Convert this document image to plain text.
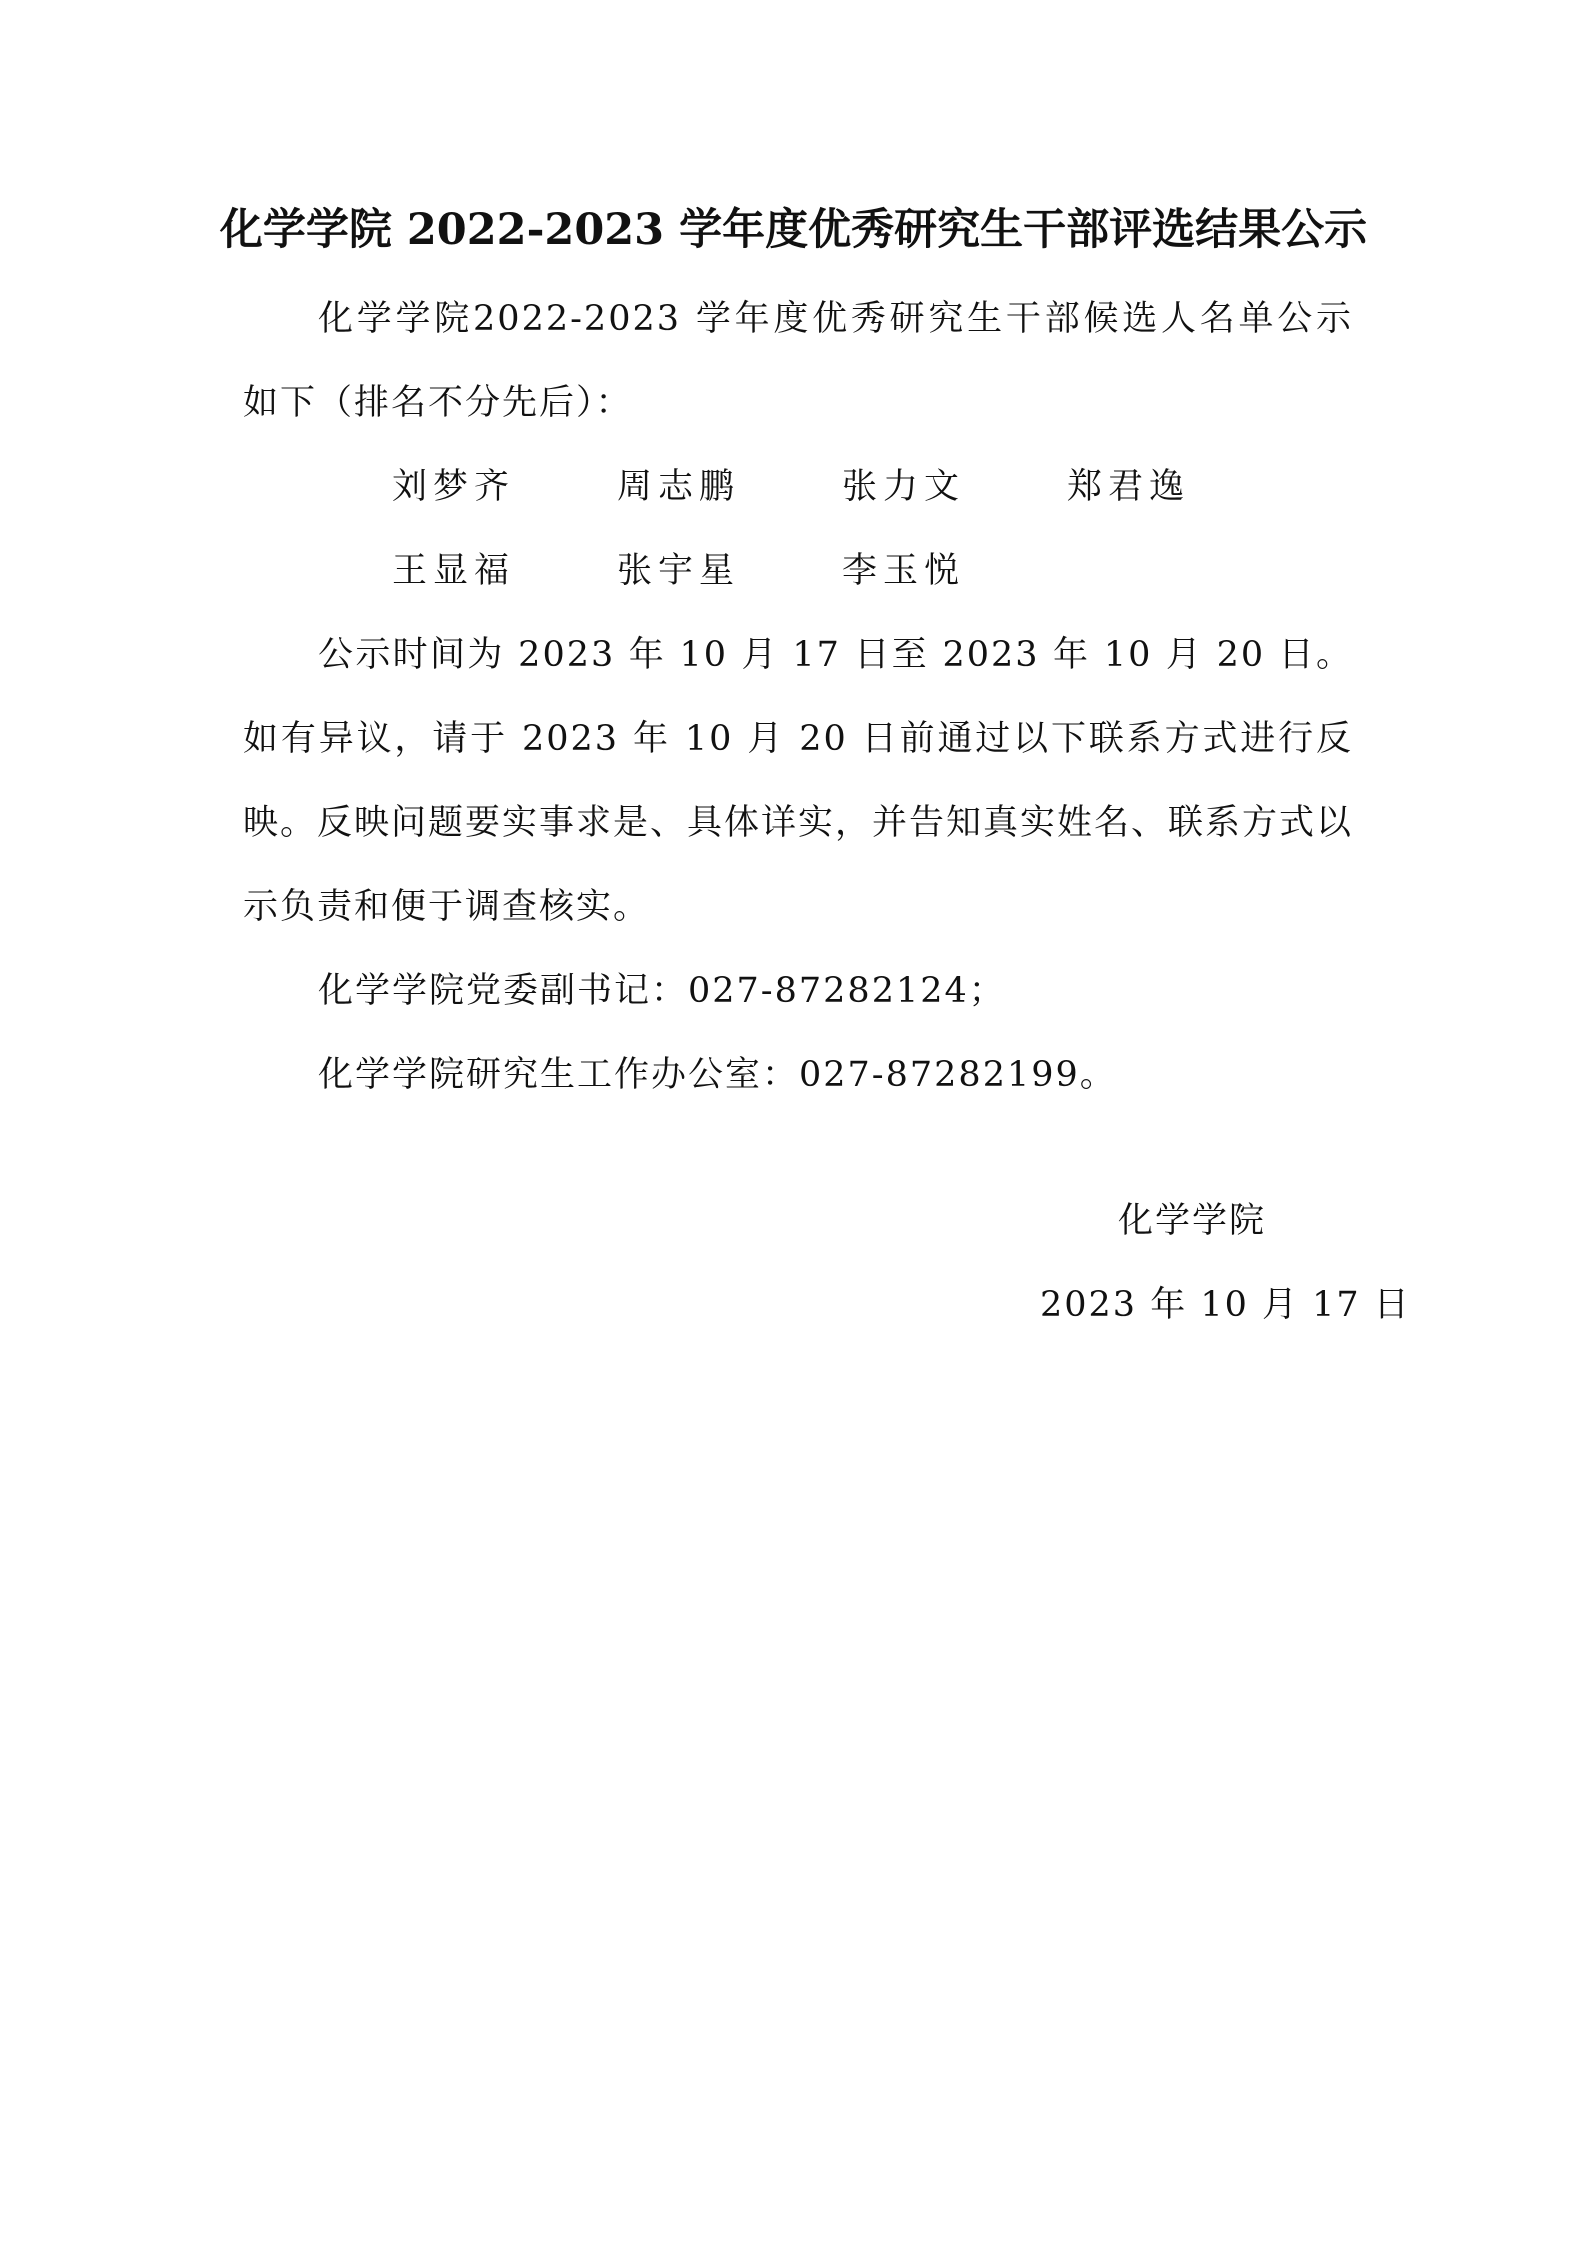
化学学院 2022-2023 学年度优秀研究生干部评选结果公示
化学学院2022-2023 学年度优秀研究生干部候选人名单公示如下（排名不分先后）：
刘梦齐	周志鹏	张力文	郑君逸
王显福	张宇星	李玉悦
公示时间为 2023 年 10 月 17 日至 2023 年 10 月 20 日。如有异议，请于 2023 年 10 月 20 日前通过以下联系方式进行反映。反映问题要实事求是、具体详实，并告知真实姓名、联系方式以示负责和便于调查核实。
化学学院党委副书记：027-87282124；
化学学院研究生工作办公室：027-87282199。
化学学院
2023 年 10 月 17 日
